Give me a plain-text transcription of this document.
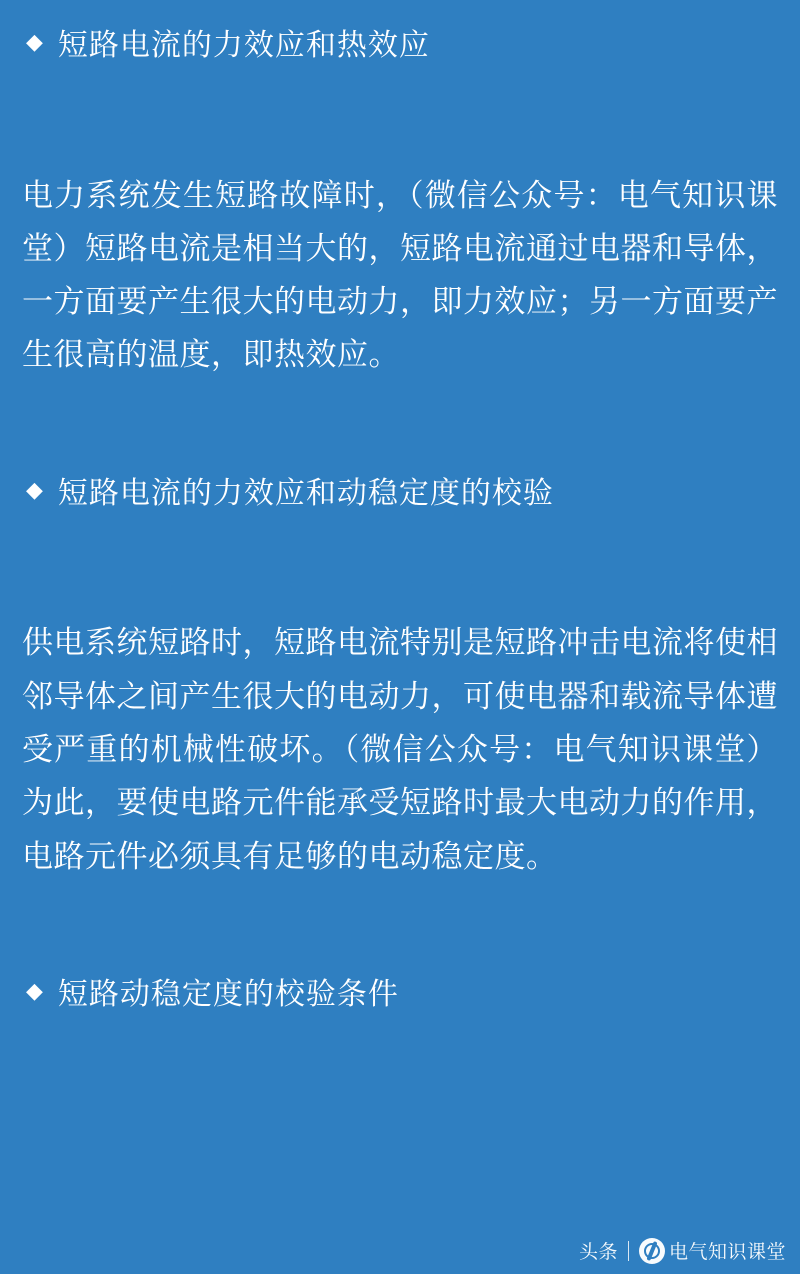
◆ 短路电流的力效应和热效应

电力系统发生短路故障时，（微信公众号：电气知识课堂）短路电流是相当大的，短路电流通过电器和导体，一方面要产生很大的电动力，即力效应；另一方面要产生很高的温度，即热效应。

◆ 短路电流的力效应和动稳定度的校验

供电系统短路时，短路电流特别是短路冲击电流将使相邻导体之间产生很大的电动力，可使电器和载流导体遭受严重的机械性破坏。（微信公众号：电气知识课堂）为此，要使电路元件能承受短路时最大电动力的作用，电路元件必须具有足够的电动稳定度。

◆ 短路动稳定度的校验条件
头条	电气知识课堂
